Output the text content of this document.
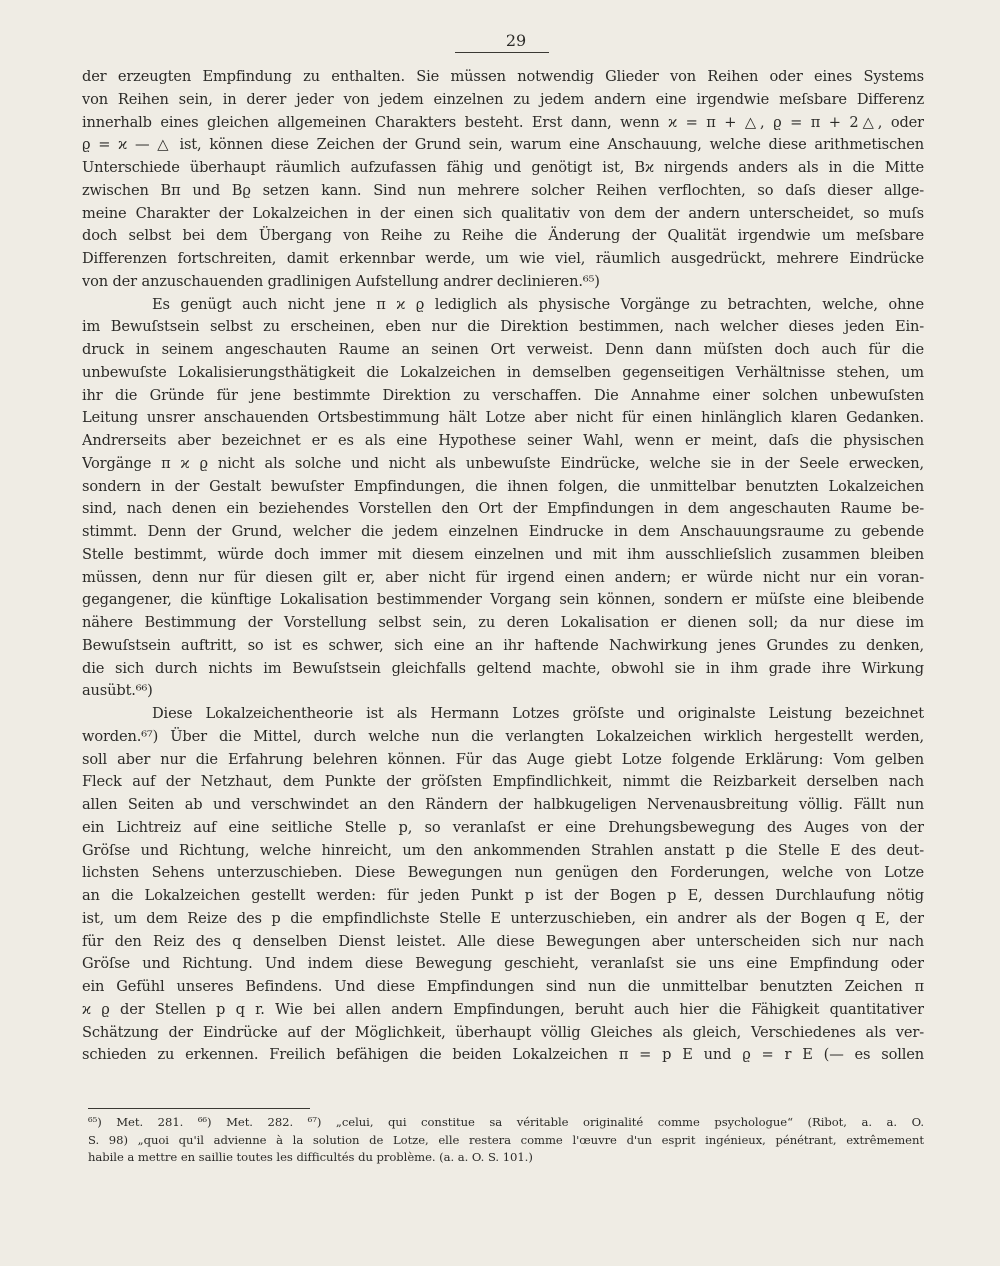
29
der erzeugten Empfindung zu enthalten. Sie müssen notwendig Glieder von Reihen oder eines Systems
von Reihen sein, in derer jeder von jedem einzelnen zu jedem andern eine irgendwie meſsbare Differenz
innerhalb eines gleichen allgemeinen Charakters besteht. Erst dann, wenn ϰ = π + △, ϱ = π + 2△, oder
ϱ = ϰ — △ ist, können diese Zeichen der Grund sein, warum eine Anschauung, welche diese arithmetischen
Unterschiede überhaupt räumlich aufzufassen fähig und genötigt ist, Bϰ nirgends anders als in die Mitte
zwischen Bπ und Bϱ setzen kann. Sind nun mehrere solcher Reihen verflochten, so daſs dieser allge-
meine Charakter der Lokalzeichen in der einen sich qualitativ von dem der andern unterscheidet, so muſs
doch selbst bei dem Übergang von Reihe zu Reihe die Änderung der Qualität irgendwie um meſsbare
Differenzen fortschreiten, damit erkennbar werde, um wie viel, räumlich ausgedrückt, mehrere Eindrücke
von der anzuschauenden gradlinigen Aufstellung andrer declinieren.⁶⁵)
Es genügt auch nicht jene π ϰ ϱ lediglich als physische Vorgänge zu betrachten, welche, ohne
im Bewuſstsein selbst zu erscheinen, eben nur die Direktion bestimmen, nach welcher dieses jeden Ein-
druck in seinem angeschauten Raume an seinen Ort verweist. Denn dann müſsten doch auch für die
unbewuſste Lokalisierungsthätigkeit die Lokalzeichen in demselben gegenseitigen Verhältnisse stehen, um
ihr die Gründe für jene bestimmte Direktion zu verschaffen. Die Annahme einer solchen unbewuſsten
Leitung unsrer anschauenden Ortsbestimmung hält Lotze aber nicht für einen hinlänglich klaren Gedanken.
Andrerseits aber bezeichnet er es als eine Hypothese seiner Wahl, wenn er meint, daſs die physischen
Vorgänge π ϰ ϱ nicht als solche und nicht als unbewuſste Eindrücke, welche sie in der Seele erwecken,
sondern in der Gestalt bewuſster Empfindungen, die ihnen folgen, die unmittelbar benutzten Lokalzeichen
sind, nach denen ein beziehendes Vorstellen den Ort der Empfindungen in dem angeschauten Raume be-
stimmt. Denn der Grund, welcher die jedem einzelnen Eindrucke in dem Anschauungsraume zu gebende
Stelle bestimmt, würde doch immer mit diesem einzelnen und mit ihm ausschlieſslich zusammen bleiben
müssen, denn nur für diesen gilt er, aber nicht für irgend einen andern; er würde nicht nur ein voran-
gegangener, die künftige Lokalisation bestimmender Vorgang sein können, sondern er müſste eine bleibende
nähere Bestimmung der Vorstellung selbst sein, zu deren Lokalisation er dienen soll; da nur diese im
Bewuſstsein auftritt, so ist es schwer, sich eine an ihr haftende Nachwirkung jenes Grundes zu denken,
die sich durch nichts im Bewuſstsein gleichfalls geltend machte, obwohl sie in ihm grade ihre Wirkung
ausübt.⁶⁶)
Diese Lokalzeichentheorie ist als Hermann Lotzes gröſste und originalste Leistung bezeichnet
worden.⁶⁷) Über die Mittel, durch welche nun die verlangten Lokalzeichen wirklich hergestellt werden,
soll aber nur die Erfahrung belehren können. Für das Auge giebt Lotze folgende Erklärung: Vom gelben
Fleck auf der Netzhaut, dem Punkte der gröſsten Empfindlichkeit, nimmt die Reizbarkeit derselben nach
allen Seiten ab und verschwindet an den Rändern der halbkugeligen Nervenausbreitung völlig. Fällt nun
ein Lichtreiz auf eine seitliche Stelle p, so veranlaſst er eine Drehungsbewegung des Auges von der
Gröſse und Richtung, welche hinreicht, um den ankommenden Strahlen anstatt p die Stelle E des deut-
lichsten Sehens unterzuschieben. Diese Bewegungen nun genügen den Forderungen, welche von Lotze
an die Lokalzeichen gestellt werden: für jeden Punkt p ist der Bogen p E, dessen Durchlaufung nötig
ist, um dem Reize des p die empfindlichste Stelle E unterzuschieben, ein andrer als der Bogen q E, der
für den Reiz des q denselben Dienst leistet. Alle diese Bewegungen aber unterscheiden sich nur nach
Gröſse und Richtung. Und indem diese Bewegung geschieht, veranlaſst sie uns eine Empfindung oder
ein Gefühl unseres Befindens. Und diese Empfindungen sind nun die unmittelbar benutzten Zeichen π
ϰ ϱ der Stellen p q r. Wie bei allen andern Empfindungen, beruht auch hier die Fähigkeit quantitativer
Schätzung der Eindrücke auf der Möglichkeit, überhaupt völlig Gleiches als gleich, Verschiedenes als ver-
schieden zu erkennen. Freilich befähigen die beiden Lokalzeichen π = p E und ϱ = r E (— es sollen
⁶⁵) Met. 281. ⁶⁶) Met. 282. ⁶⁷) „celui, qui constitue sa véritable originalité comme psychologue“ (Ribot, a. a. O.
S. 98) „quoi qu'il advienne à la solution de Lotze, elle restera comme l'œuvre d'un esprit ingénieux, pénétrant, extrêmement
habile a mettre en saillie toutes les difficultés du problème. (a. a. O. S. 101.)
